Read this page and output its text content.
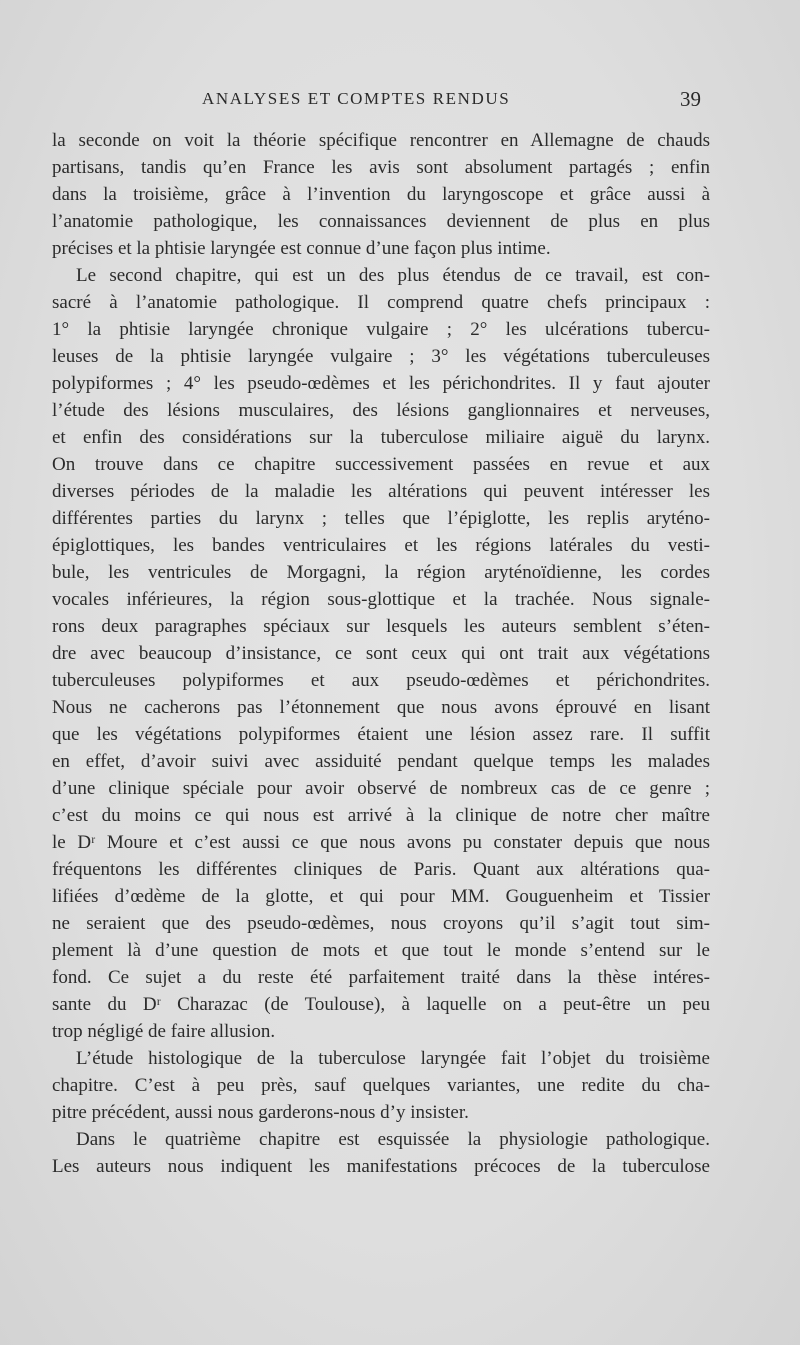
ANALYSES ET COMPTES RENDUS	39
la seconde on voit la théorie spécifique rencontrer en Allemagne de chauds
partisans, tandis qu’en France les avis sont absolument partagés ; enfin
dans la troisième, grâce à l’invention du laryngoscope et grâce aussi à
l’anatomie pathologique, les connaissances deviennent de plus en plus
précises et la phtisie laryngée est connue d’une façon plus intime.
Le second chapitre, qui est un des plus étendus de ce travail, est con-
sacré à l’anatomie pathologique. Il comprend quatre chefs principaux :
1° la phtisie laryngée chronique vulgaire ; 2° les ulcérations tubercu-
leuses de la phtisie laryngée vulgaire ; 3° les végétations tuberculeuses
polypiformes ; 4° les pseudo-œdèmes et les périchondrites. Il y faut ajouter
l’étude des lésions musculaires, des lésions ganglionnaires et nerveuses,
et enfin des considérations sur la tuberculose miliaire aiguë du larynx.
On trouve dans ce chapitre successivement passées en revue et aux
diverses périodes de la maladie les altérations qui peuvent intéresser les
différentes parties du larynx ; telles que l’épiglotte, les replis aryténo-
épiglottiques, les bandes ventriculaires et les régions latérales du vesti-
bule, les ventricules de Morgagni, la région aryténoïdienne, les cordes
vocales inférieures, la région sous-glottique et la trachée. Nous signale-
rons deux paragraphes spéciaux sur lesquels les auteurs semblent s’éten-
dre avec beaucoup d’insistance, ce sont ceux qui ont trait aux végétations
tuberculeuses polypiformes et aux pseudo-œdèmes et périchondrites.
Nous ne cacherons pas l’étonnement que nous avons éprouvé en lisant
que les végétations polypiformes étaient une lésion assez rare. Il suffit
en effet, d’avoir suivi avec assiduité pendant quelque temps les malades
d’une clinique spéciale pour avoir observé de nombreux cas de ce genre ;
c’est du moins ce qui nous est arrivé à la clinique de notre cher maître
le Dʳ Moure et c’est aussi ce que nous avons pu constater depuis que nous
fréquentons les différentes cliniques de Paris. Quant aux altérations qua-
lifiées d’œdème de la glotte, et qui pour MM. Gouguenheim et Tissier
ne seraient que des pseudo-œdèmes, nous croyons qu’il s’agit tout sim-
plement là d’une question de mots et que tout le monde s’entend sur le
fond. Ce sujet a du reste été parfaitement traité dans la thèse intéres-
sante du Dʳ Charazac (de Toulouse), à laquelle on a peut-être un peu
trop négligé de faire allusion.
L’étude histologique de la tuberculose laryngée fait l’objet du troisième
chapitre. C’est à peu près, sauf quelques variantes, une redite du cha-
pitre précédent, aussi nous garderons-nous d’y insister.
Dans le quatrième chapitre est esquissée la physiologie pathologique.
Les auteurs nous indiquent les manifestations précoces de la tuberculose
